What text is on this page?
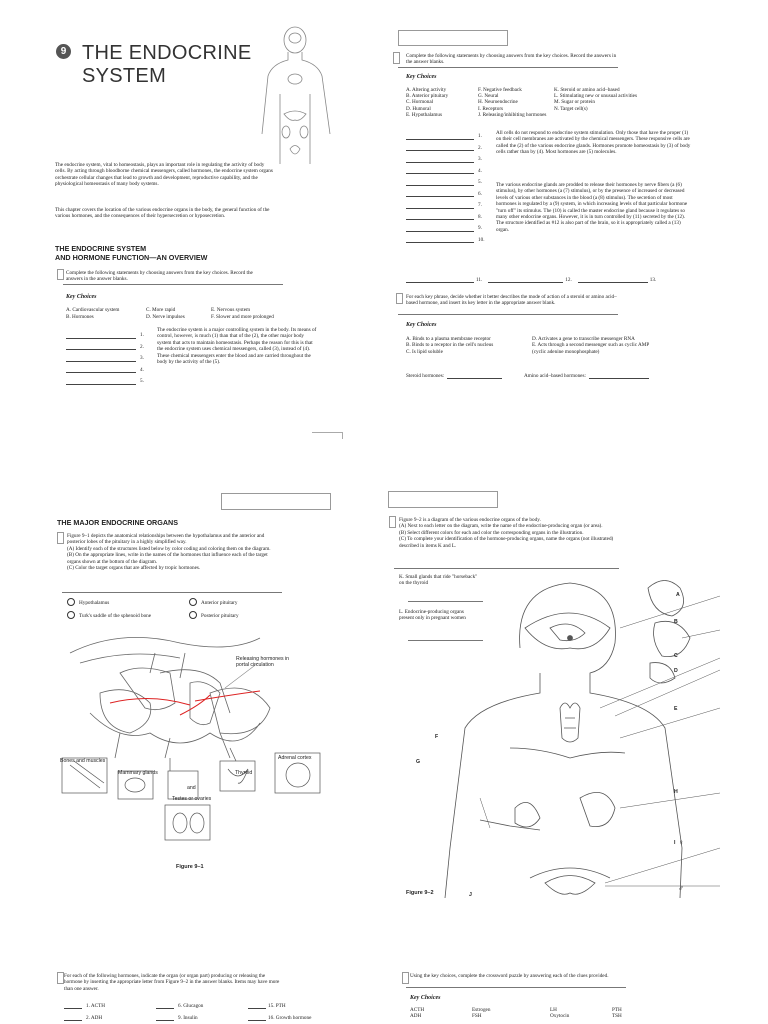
9 THE ENDOCRINE
SYSTEM
The endocrine system, vital to homeostasis, plays an important role in regulating the activity of body cells. By acting through bloodborne chemical messengers, called hormones, the endocrine system organs orchestrate cellular changes that lead to growth and development, reproductive capability, and the physiological homeostasis of many body systems.
This chapter covers the location of the various endocrine organs in the body, the general function of the various hormones, and the consequences of their hypersecretion or hyposecretion.
THE ENDOCRINE SYSTEM
AND HORMONE FUNCTION—AN OVERVIEW
Complete the following statements by choosing answers from the key choices. Record the answers in the answer blanks.
Key Choices
A. Cardiovascular system
B. Hormones
C. More rapid
D. Nerve impulses
E. Nervous system
F. Slower and more prolonged
1.
2.
3.
4.
5.
The endocrine system is a major controlling system in the body. Its means of control, however, is much (1) than that of the (2), the other major body system that acts to maintain homeostasis. Perhaps the reason for this is that the endocrine system uses chemical messengers, called (3), instead of (4). These chemical messengers enter the blood and are carried throughout the body by the activity of the (5).
Complete the following statements by choosing answers from the key choices. Record the answers in the answer blanks.
Key Choices
A. Altering activity
B. Anterior pituitary
C. Hormonal
D. Humoral
E. Hypothalamus
F. Negative feedback
G. Neural
H. Neuroendocrine
I. Receptors
J. Releasing/inhibiting hormones
K. Steroid or amino acid–based
L. Stimulating new or unusual activities
M. Sugar or protein
N. Target cell(s)
1.
2.
3.
4.
5.
6.
7.
8.
9.
10.
11.	12.	13.
All cells do not respond to endocrine system stimulation. Only those that have the proper (1) on their cell membranes are activated by the chemical messengers. These responsive cells are called the (2) of the various endocrine glands. Hormones promote homeostasis by (3) of body cells rather than by (4). Most hormones are (5) molecules.
The various endocrine glands are prodded to release their hormones by nerve fibers (a (6) stimulus), by other hormones (a (7) stimulus), or by the presence of increased or decreased levels of various other substances in the blood (a (8) stimulus). The secretion of most hormones is regulated by a (9) system, in which increasing levels of that particular hormone "turn off" its stimulus. The (10) is called the master endocrine gland because it regulates so many other endocrine organs. However, it is in turn controlled by (11) secreted by the (12). The structure identified as #12 is also part of the brain, so it is appropriately called a (13) organ.
For each key phrase, decide whether it better describes the mode of action of a steroid or amino acid–based hormone, and insert its key letter in the appropriate answer blank.
Key Choices
A. Binds to a plasma membrane receptor
B. Binds to a receptor in the cell's nucleus
C. Is lipid soluble
D. Activates a gene to transcribe messenger RNA
E. Acts through a second messenger such as cyclic AMP (cyclic adenine monophosphate)
Steroid hormones:	Amino acid–based hormones:
THE MAJOR ENDOCRINE ORGANS
Figure 9–1 depicts the anatomical relationships between the hypothalamus and the anterior and posterior lobes of the pituitary in a highly simplified way.
(A) Identify each of the structures listed below by color coding and coloring them on the diagram.
(B) On the appropriate lines, write in the names of the hormones that influence each of the target organs shown at the bottom of the diagram.
(C) Color the target organs that are affected by tropic hormones.
Hypothalamus	Anterior pituitary
Turk's saddle of the sphenoid bone	Posterior pituitary
Releasing hormones in portal circulation
Bones and muscles	Adrenal cortex
Mammary glands	Thyroid
and
Testes or ovaries
Figure 9–1
Figure 9–2 is a diagram of the various endocrine organs of the body.
(A) Next to each letter on the diagram, write the name of the endocrine-producing organ (or area).
(B) Select different colors for each and color the corresponding organs in the illustration.
(C) To complete your identification of the hormone-producing organs, name the organs (not illustrated) described in items K and L.
K. Small glands that ride "horseback" on the thyroid
L. Endocrine-producing organs present only in pregnant women
A
B
C
D
E
F
G
H
I
J
♀
♂
Figure 9–2
For each of the following hormones, indicate the organ (or organ part) producing or releasing the hormone by inserting the appropriate letter from Figure 9–2 in the answer blanks. Items may have more than one answer.
1. ACTH	6. Glucagon	15. PTH
2. ADH	9. Insulin	16. Growth hormone
Using the key choices, complete the crossword puzzle by answering each of the clues provided.
Key Choices
ACTH	Estrogen	LH	PTH
ADH	FSH	Oxytocin	TSH
